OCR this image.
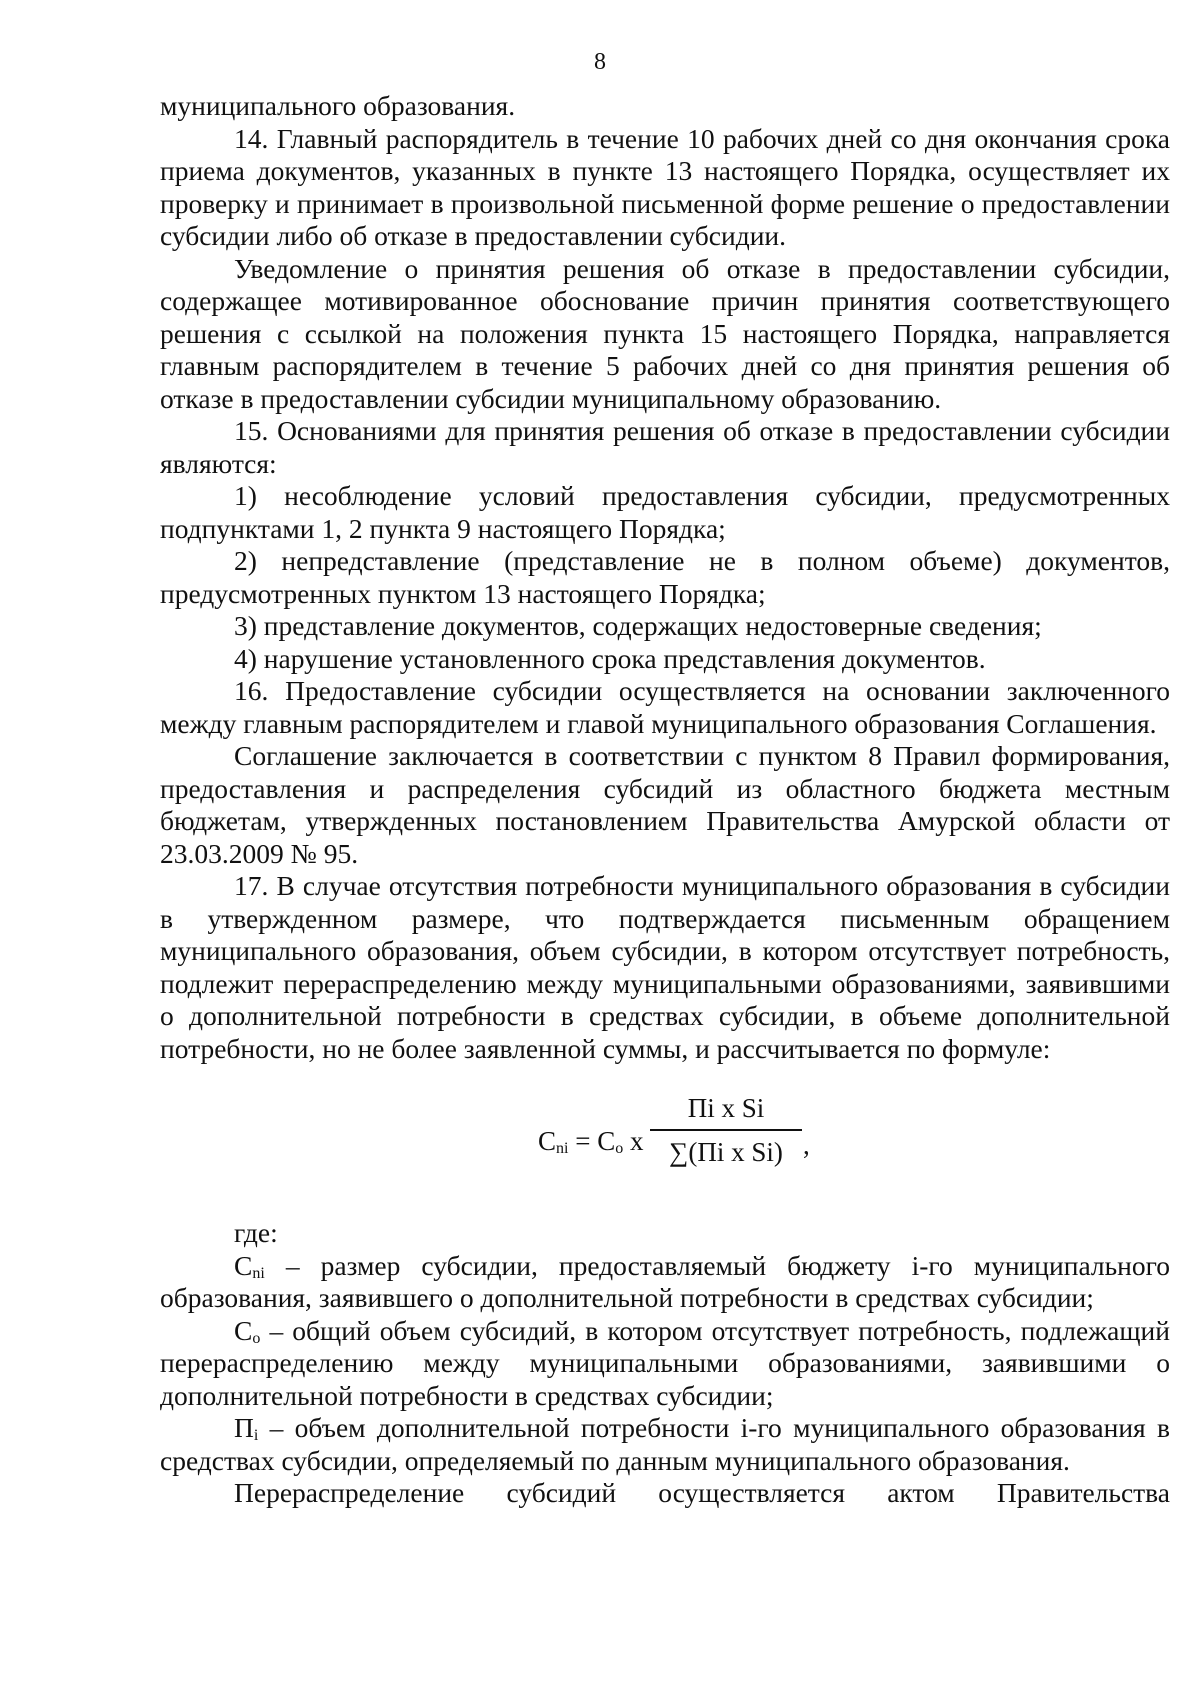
8

муниципального образования.

14. Главный распорядитель в течение 10 рабочих дней со дня окончания срока приема документов, указанных в пункте 13 настоящего Порядка, осуществляет их проверку и принимает в произвольной письменной форме решение о предоставлении субсидии либо об отказе в предоставлении субсидии.

Уведомление о принятия решения об отказе в предоставлении субсидии, содержащее мотивированное обоснование причин принятия соответствующего решения с ссылкой на положения пункта 15 настоящего Порядка, направляется главным распорядителем в течение 5 рабочих дней со дня принятия решения об отказе в предоставлении субсидии муниципальному образованию.

15. Основаниями для принятия решения об отказе в предоставлении субсидии являются:

1) несоблюдение условий предоставления субсидии, предусмотренных подпунктами 1, 2 пункта 9 настоящего Порядка;

2) непредставление (представление не в полном объеме) документов, предусмотренных пунктом 13 настоящего Порядка;

3) представление документов, содержащих недостоверные сведения;

4) нарушение установленного срока представления документов.

16. Предоставление субсидии осуществляется на основании заключенного между главным распорядителем и главой муниципального образования Соглашения.

Соглашение заключается в соответствии с пунктом 8 Правил формирования, предоставления и распределения субсидий из областного бюджета местным бюджетам, утвержденных постановлением Правительства Амурской области от 23.03.2009 № 95.

17. В случае отсутствия потребности муниципального образования в субсидии в утвержденном размере, что подтверждается письменным обращением муниципального образования, объем субсидии, в котором отсутствует потребность, подлежит перераспределению между муниципальными образованиями, заявившими о дополнительной потребности в средствах субсидии, в объеме дополнительной потребности, но не более заявленной суммы, и рассчитывается по формуле:

$C_{ni} = C_o$ x
Пi x Si
∑(Пi x Si) ,

где:

$C_{ni}$ – размер субсидии, предоставляемый бюджету i-го муниципального образования, заявившего о дополнительной потребности в средствах субсидии;

$C_o$ – общий объем субсидий, в котором отсутствует потребность, подлежащий перераспределению между муниципальными образованиями, заявившими о дополнительной потребности в средствах субсидии;

$П_i$ – объем дополнительной потребности i-го муниципального образования в средствах субсидии, определяемый по данным муниципального образования.

Перераспределение субсидий осуществляется актом Правительства
